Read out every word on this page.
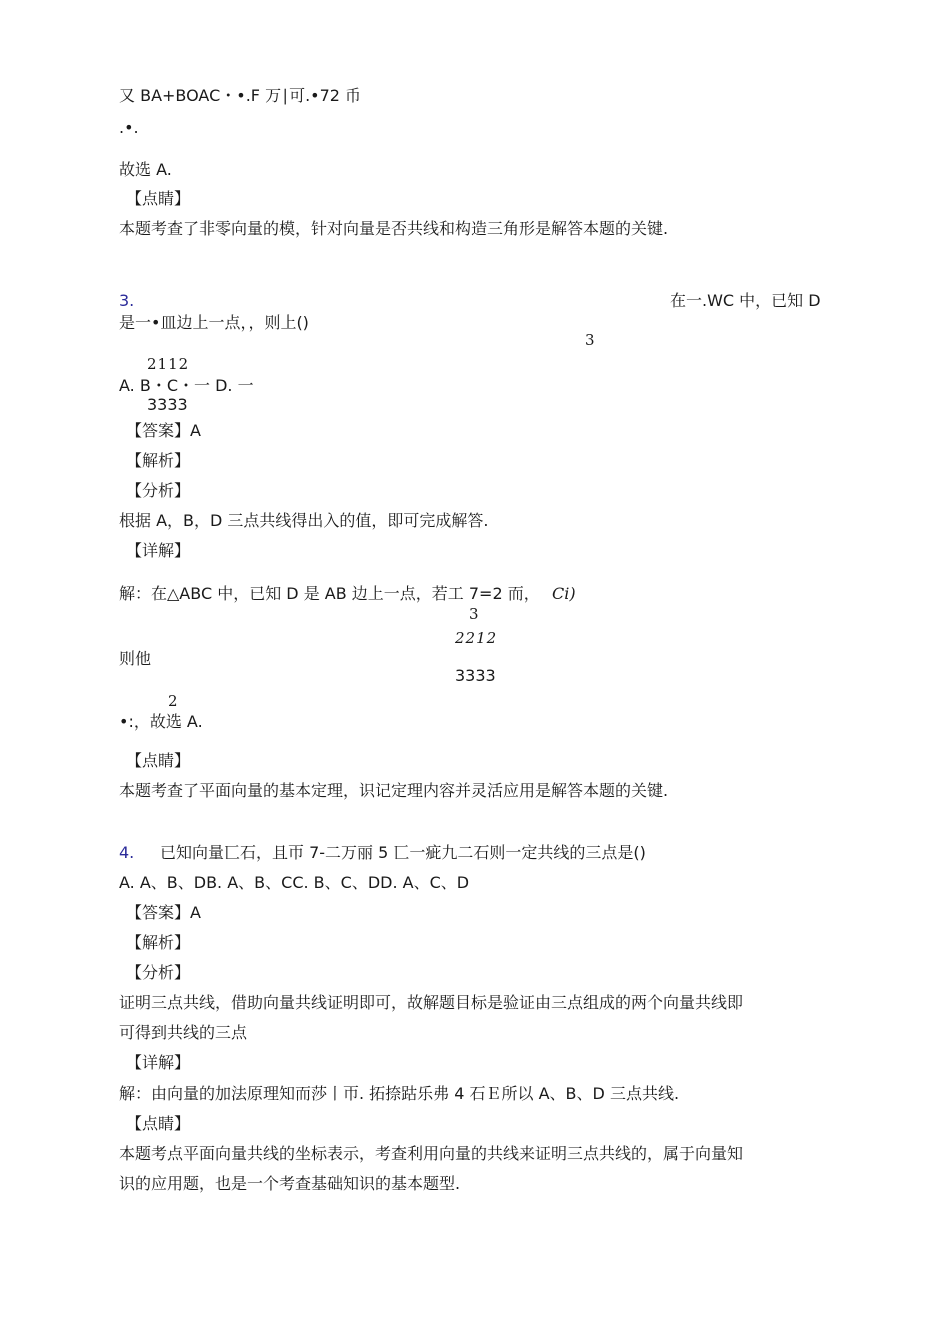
又 BA+BOAC・•.F 万∣可.•72 币
.•.
故选 A.
【点睛】
本题考查了非零向量的模，针对向量是否共线和构造三角形是解答本题的关键.
3.	在一.WC 中，已知 D
是一•皿边上一点，，则上()
3
2112
A. B・C・一 D. 一
3333
【答案】A
【解析】
【分析】
根据 A，B，D 三点共线得出入的值，即可完成解答.
【详解】
解：在△ABC 中，已知 D 是 AB 边上一点，若工 7=2 而， Ci)
3
2212
则他
3333
2
•:，故选 A.
【点睛】
本题考查了平面向量的基本定理，识记定理内容并灵活应用是解答本题的关键.
4. 已知向量匸石，且帀 7-二万丽 5 匸一疵九二石则一定共线的三点是()
A. A、B、DB. A、B、CC. B、C、DD. A、C、D
【答案】A
【解析】
【分析】
证明三点共线，借助向量共线证明即可，故解题目标是验证由三点组成的两个向量共线即
可得到共线的三点
【详解】
解：由向量的加法原理知而莎丨帀. 拓捺跍乐弗 4 石Ｅ所以 A、B、D 三点共线.
【点睛】
本题考点平面向量共线的坐标表示，考查利用向量的共线来证明三点共线的，属于向量知
识的应用题，也是一个考查基础知识的基本题型.
